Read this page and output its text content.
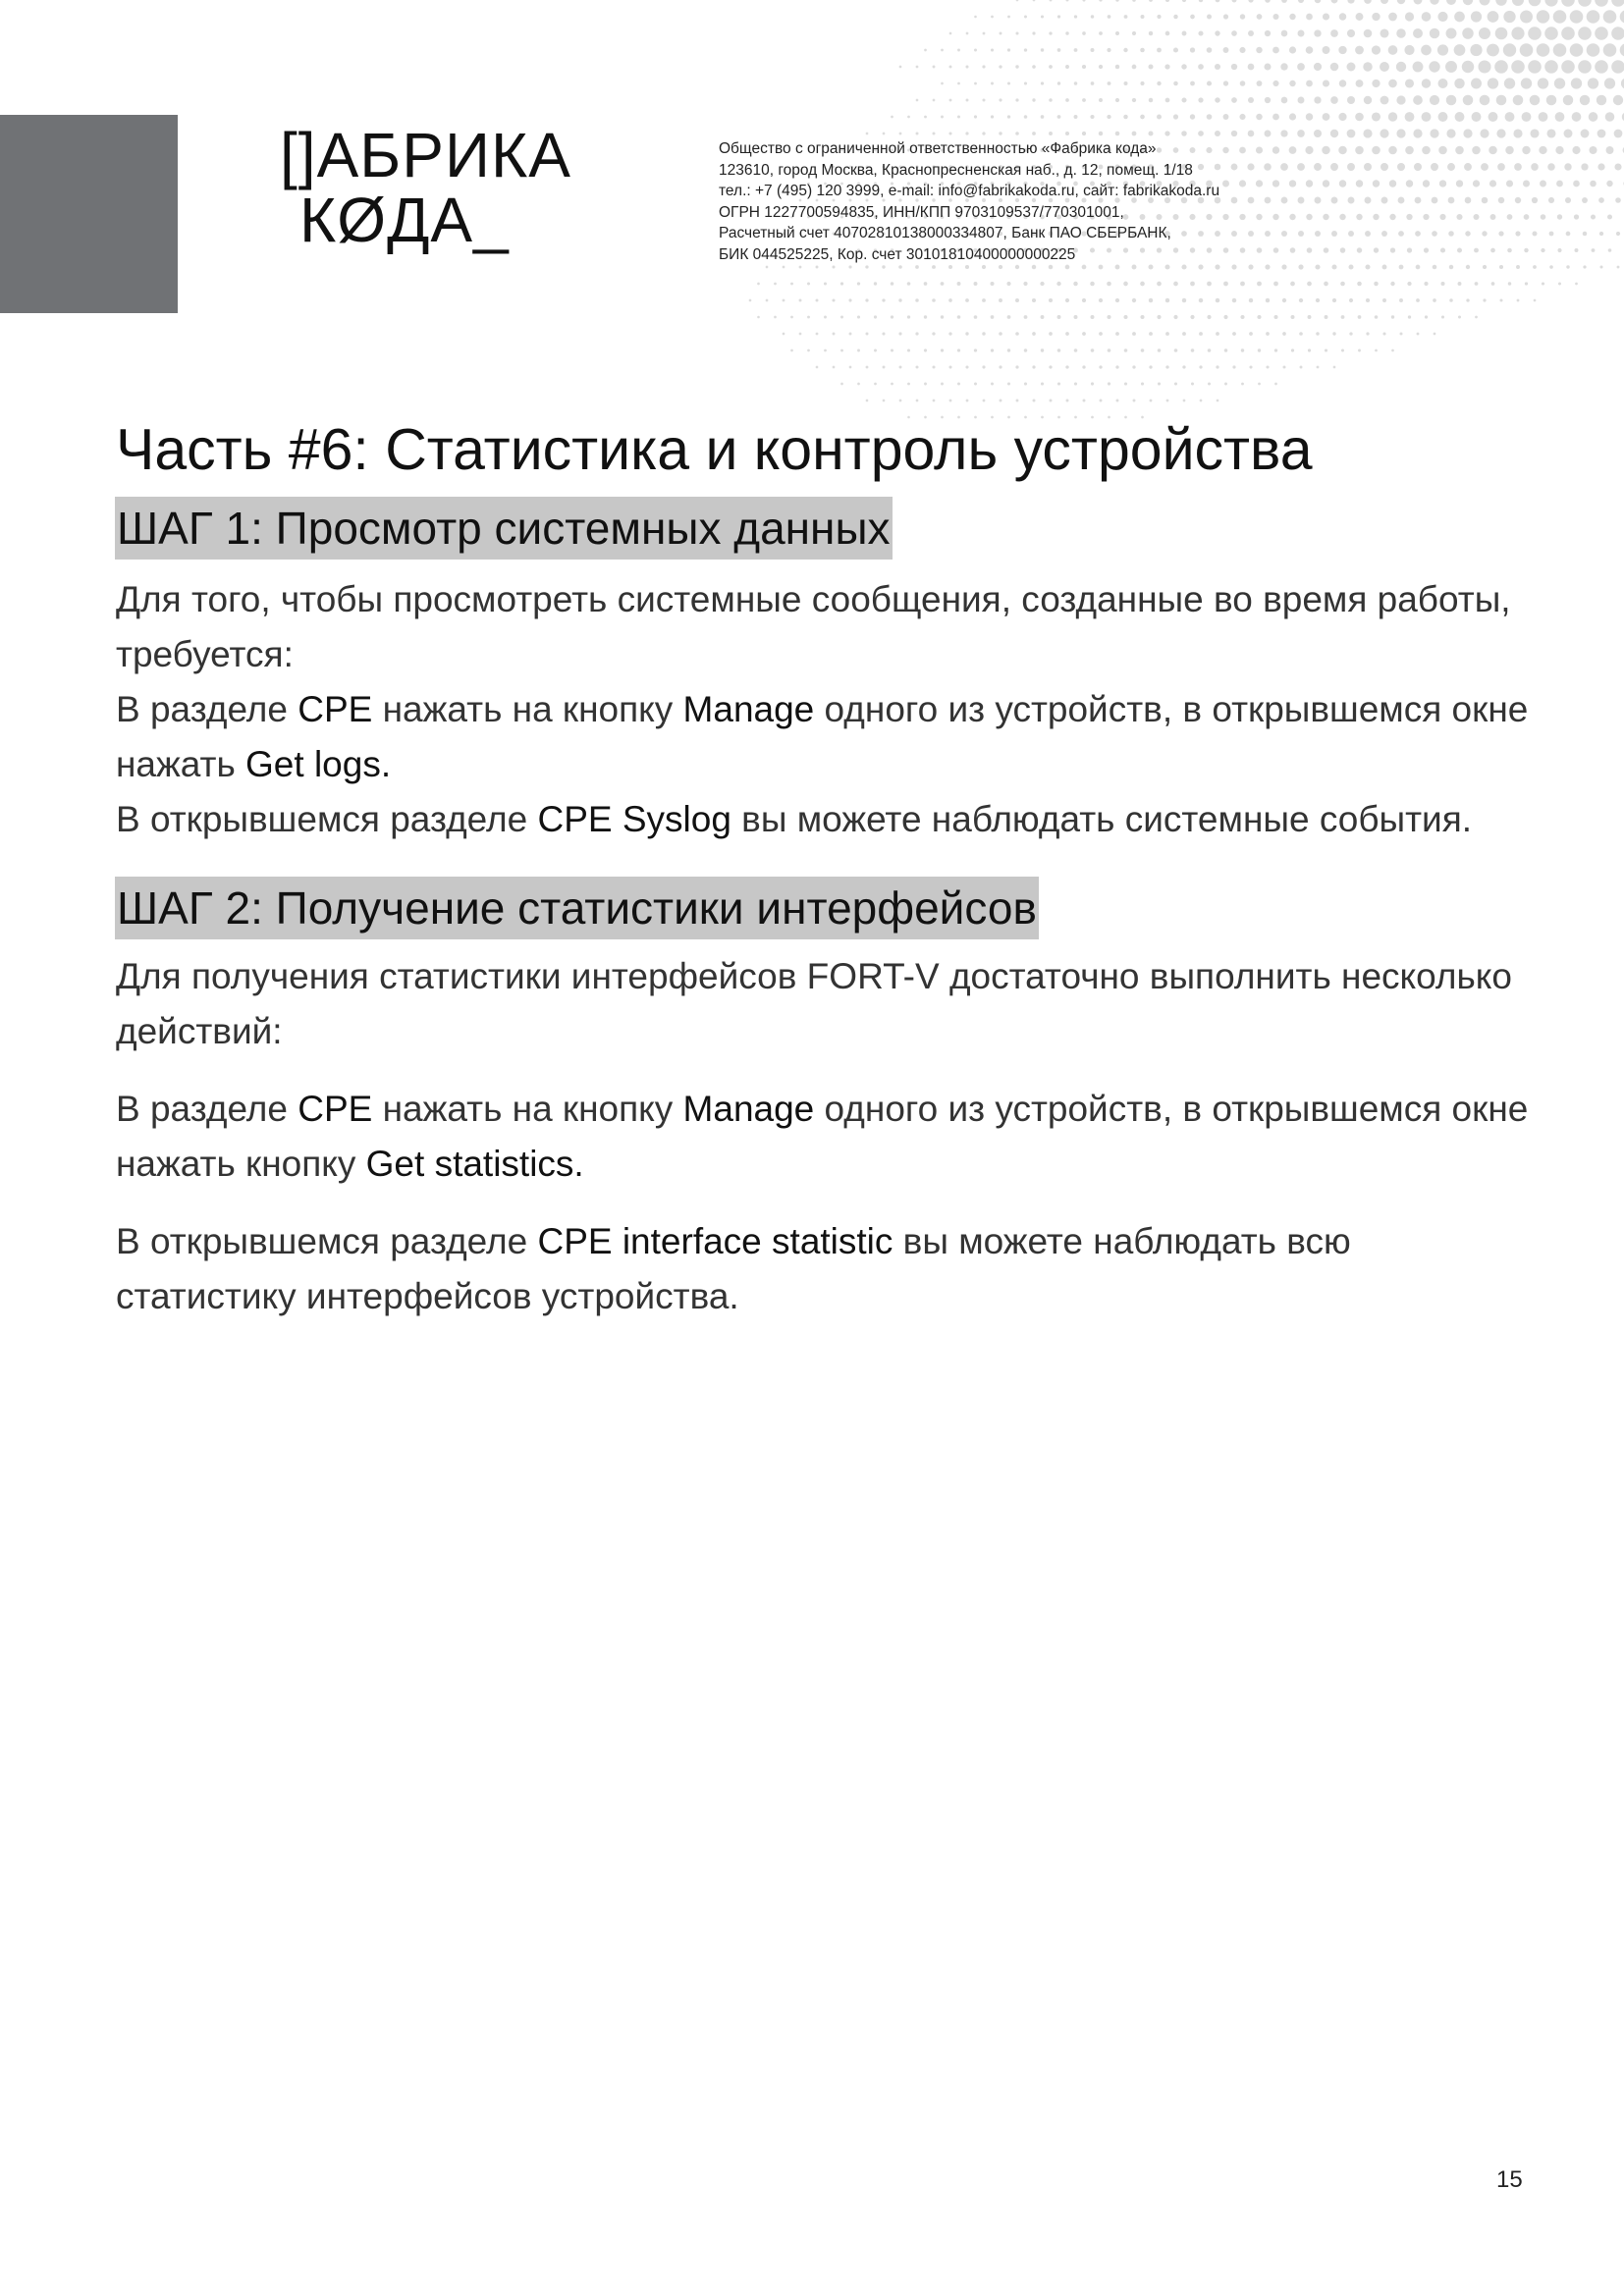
[]АБРИКА
КØДА_
Общество с ограниченной ответственностью «Фабрика кода»
123610, город Москва, Краснопресненская наб., д. 12, помещ. 1/18
тел.: +7 (495) 120 3999, e-mail: info@fabrikakoda.ru, сайт: fabrikakoda.ru
ОГРН 1227700594835, ИНН/КПП 9703109537/770301001,
Расчетный счет 40702810138000334807, Банк ПАО СБЕРБАНК,
БИК 044525225, Кор. счет 30101810400000000225
Часть #6: Статистика и контроль устройства
ШАГ 1: Просмотр системных данных

Для того, чтобы просмотреть системные сообщения, созданные во время работы, требуется:

В разделе CPE нажать на кнопку Manage одного из устройств, в открывшемся окне нажать Get logs.

В открывшемся разделе CPE Syslog вы можете наблюдать системные события.

ШАГ 2: Получение статистики интерфейсов

Для получения статистики интерфейсов FORT-V достаточно выполнить несколько действий:

В разделе CPE нажать на кнопку Manage одного из устройств, в открывшемся окне нажать кнопку Get statistics.

В открывшемся разделе CPE interface statistic вы можете наблюдать всю статистику интерфейсов устройства.

15
